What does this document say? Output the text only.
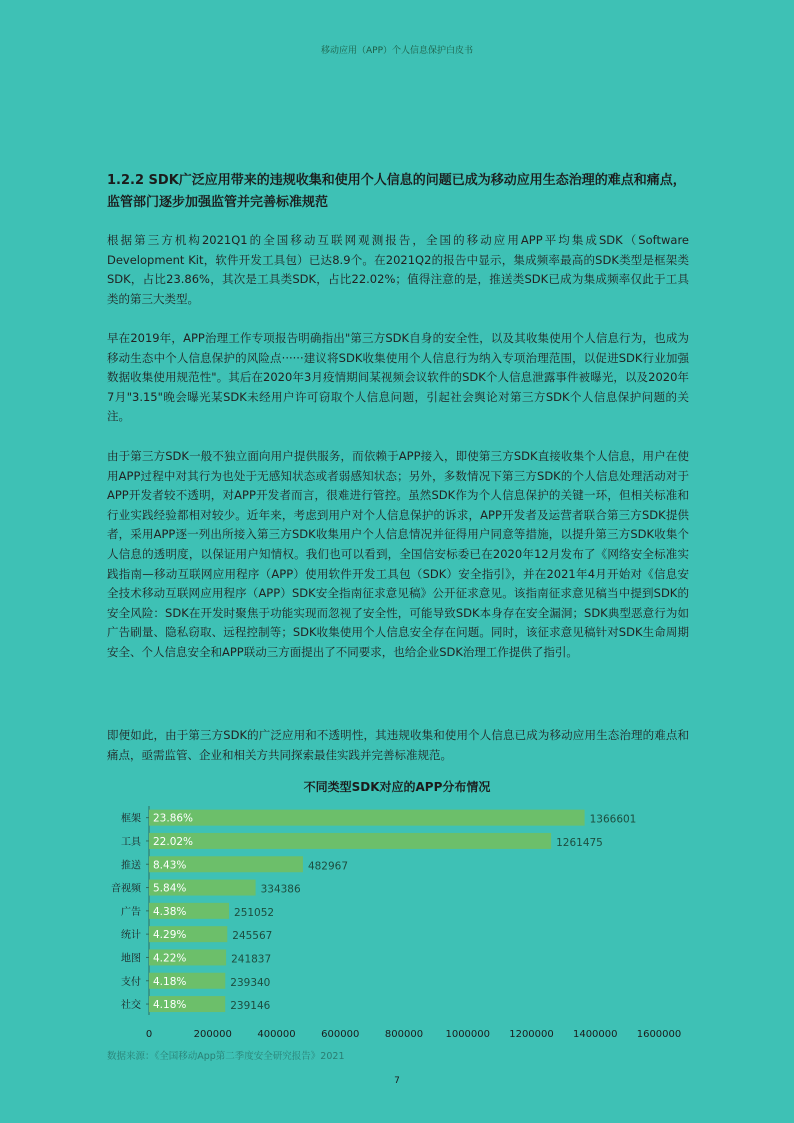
移动应用（APP）个人信息保护白皮书
1.2.2 SDK广泛应用带来的违规收集和使用个人信息的问题已成为移动应用生态治理的难点和痛点，监管部门逐步加强监管并完善标准规范
根据第三方机构2021Q1的全国移动互联网观测报告，全国的移动应用APP平均集成SDK（Software Development Kit，软件开发工具包）已达8.9个。在2021Q2的报告中显示，集成频率最高的SDK类型是框架类SDK，占比23.86%，其次是工具类SDK，占比22.02%；值得注意的是，推送类SDK已成为集成频率仅此于工具类的第三大类型。
早在2019年，APP治理工作专项报告明确指出"第三方SDK自身的安全性，以及其收集使用个人信息行为，也成为移动生态中个人信息保护的风险点······建议将SDK收集使用个人信息行为纳入专项治理范围，以促进SDK行业加强数据收集使用规范性"。其后在2020年3月疫情期间某视频会议软件的SDK个人信息泄露事件被曝光，以及2020年7月"3.15"晚会曝光某SDK未经用户许可窃取个人信息问题，引起社会舆论对第三方SDK个人信息保护问题的关注。
由于第三方SDK一般不独立面向用户提供服务，而依赖于APP接入，即使第三方SDK直接收集个人信息，用户在使用APP过程中对其行为也处于无感知状态或者弱感知状态；另外，多数情况下第三方SDK的个人信息处理活动对于APP开发者较不透明，对APP开发者而言，很难进行管控。虽然SDK作为个人信息保护的关键一环，但相关标准和行业实践经验都相对较少。近年来，考虑到用户对个人信息保护的诉求，APP开发者及运营者联合第三方SDK提供者，采用APP逐一列出所接入第三方SDK收集用户个人信息情况并征得用户同意等措施，以提升第三方SDK收集个人信息的透明度，以保证用户知情权。我们也可以看到，全国信安标委已在2020年12月发布了《网络安全标准实践指南—移动互联网应用程序（APP）使用软件开发工具包（SDK）安全指引》，并在2021年4月开始对《信息安全技术移动互联网应用程序（APP）SDK安全指南征求意见稿》公开征求意见。该指南征求意见稿当中提到SDK的安全风险：SDK在开发时聚焦于功能实现而忽视了安全性，可能导致SDK本身存在安全漏洞；SDK典型恶意行为如广告刷量、隐私窃取、远程控制等；SDK收集使用个人信息安全存在问题。同时，该征求意见稿针对SDK生命周期安全、个人信息安全和APP联动三方面提出了不同要求，也给企业SDK治理工作提供了指引。
即便如此，由于第三方SDK的广泛应用和不透明性，其违规收集和使用个人信息已成为移动应用生态治理的难点和痛点，亟需监管、企业和相关方共同探索最佳实践并完善标准规范。
不同类型SDK对应的APP分布情况
框架 23.86%	1366601
工具 22.02%	1261475
推送 8.43%	482967
音视频 5.84%	334386
广告 4.38%	251052
统计 4.29%	245567
地图 4.22%	241837
支付 4.18%	239340
社交 4.18%	239146
0	200000	400000	600000	800000 1000000 1200000 1400000 1600000
数据来源：《全国移动App第二季度安全研究报告》2021
7
